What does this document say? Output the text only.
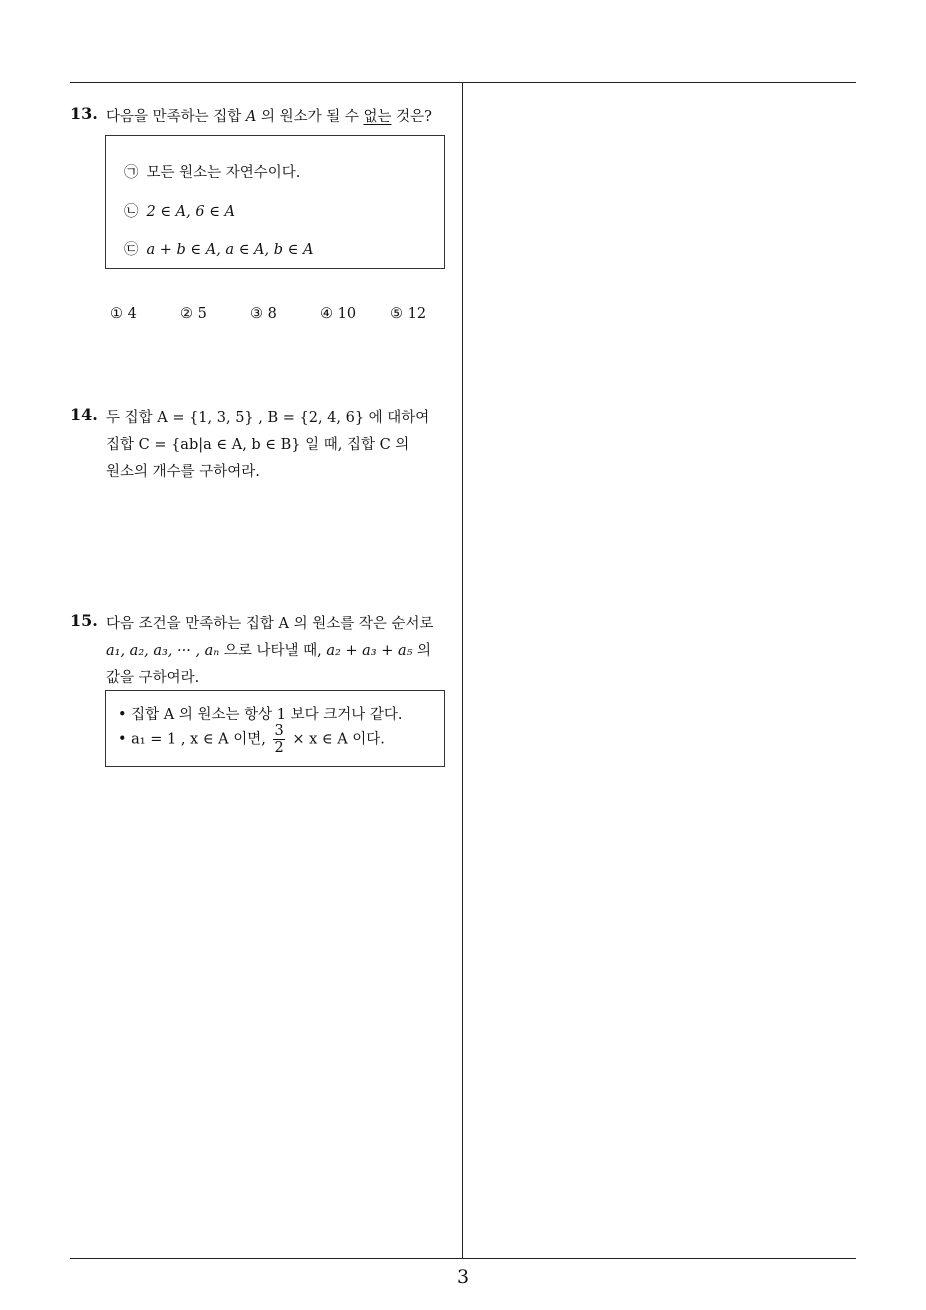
3
13. 다음을 만족하는 집합 A 의 원소가 될 수 없는 것은?
㉠ 모든 원소는 자연수이다.
㉡ 2 ∈ A, 6 ∈ A
㉢ a + b ∈ A, a ∈ A, b ∈ A
① 4	② 5	③ 8	④ 10 ⑤ 12
14. 두 집합 A = {1, 3, 5} , B = {2, 4, 6} 에 대하여
집합 C = {ab|a ∈ A, b ∈ B} 일 때, 집합 C 의
원소의 개수를 구하여라.
15. 다음 조건을 만족하는 집합 A 의 원소를 작은 순서로
a₁, a₂, a₃, ··· , aₙ 으로 나타낼 때, a₂ + a₃ + a₅ 의
값을 구하여라.
• 집합 A 의 원소는 항상 1 보다 크거나 같다.
• a₁ = 1 , x ∈ A 이면, $\frac{3}{2} \times x$ ∈ A 이다.
